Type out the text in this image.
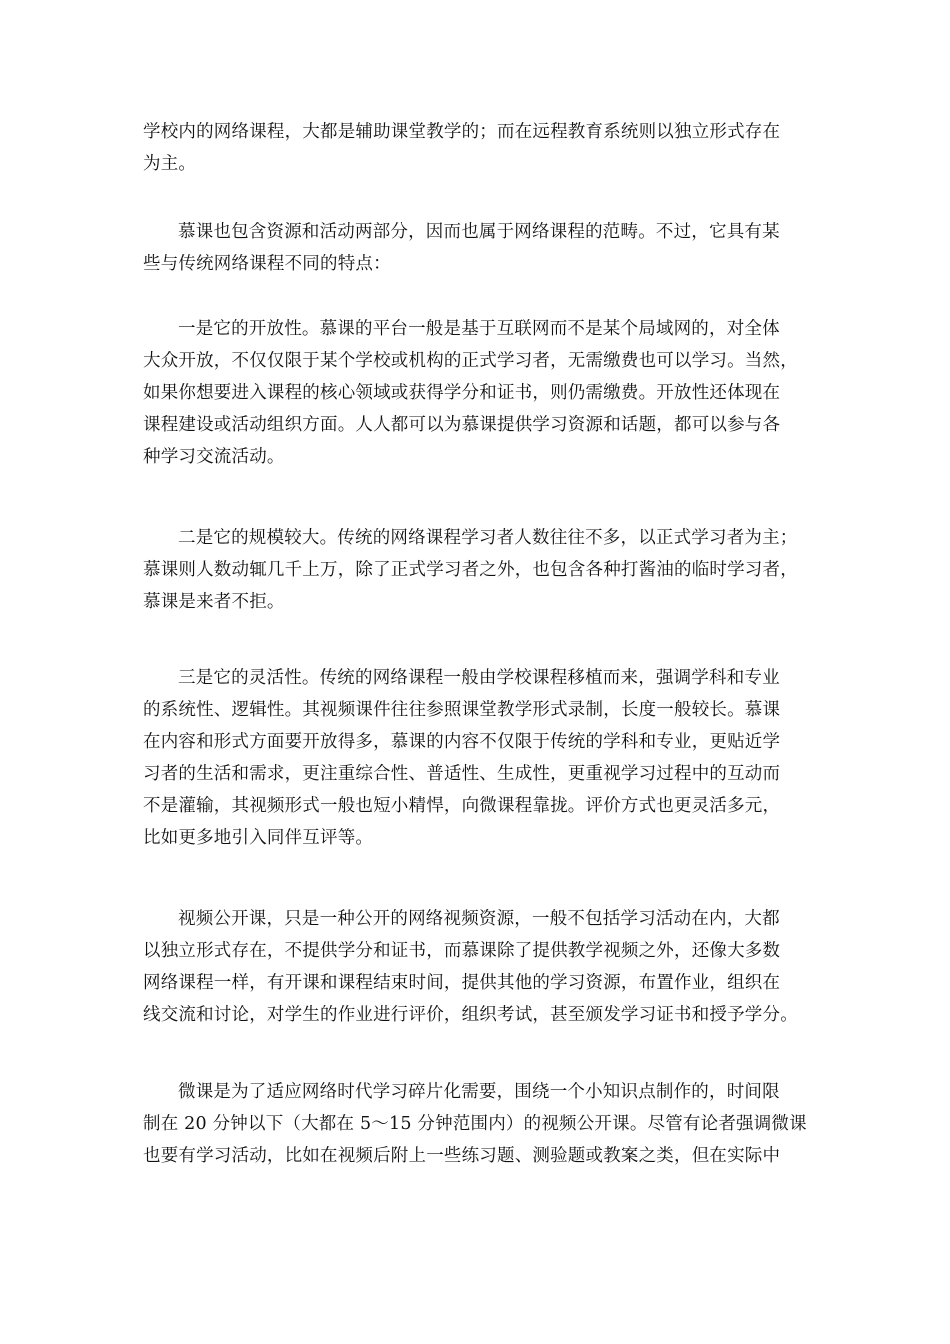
学校内的网络课程，大都是辅助课堂教学的；而在远程教育系统则以独立形式存在
为主。

慕课也包含资源和活动两部分，因而也属于网络课程的范畴。不过，它具有某
些与传统网络课程不同的特点：

一是它的开放性。慕课的平台一般是基于互联网而不是某个局域网的，对全体
大众开放，不仅仅限于某个学校或机构的正式学习者，无需缴费也可以学习。当然，
如果你想要进入课程的核心领域或获得学分和证书，则仍需缴费。开放性还体现在
课程建设或活动组织方面。人人都可以为慕课提供学习资源和话题，都可以参与各
种学习交流活动。

二是它的规模较大。传统的网络课程学习者人数往往不多，以正式学习者为主；
慕课则人数动辄几千上万，除了正式学习者之外，也包含各种打酱油的临时学习者，
慕课是来者不拒。

三是它的灵活性。传统的网络课程一般由学校课程移植而来，强调学科和专业
的系统性、逻辑性。其视频课件往往参照课堂教学形式录制，长度一般较长。慕课
在内容和形式方面要开放得多，慕课的内容不仅限于传统的学科和专业，更贴近学
习者的生活和需求，更注重综合性、普适性、生成性，更重视学习过程中的互动而
不是灌输，其视频形式一般也短小精悍，向微课程靠拢。评价方式也更灵活多元，
比如更多地引入同伴互评等。

视频公开课，只是一种公开的网络视频资源，一般不包括学习活动在内，大都
以独立形式存在，不提供学分和证书，而慕课除了提供教学视频之外，还像大多数
网络课程一样，有开课和课程结束时间，提供其他的学习资源，布置作业，组织在
线交流和讨论，对学生的作业进行评价，组织考试，甚至颁发学习证书和授予学分。

微课是为了适应网络时代学习碎片化需要，围绕一个小知识点制作的，时间限
制在 20 分钟以下（大都在 5～15 分钟范围内）的视频公开课。尽管有论者强调微课
也要有学习活动，比如在视频后附上一些练习题、测验题或教案之类，但在实际中
